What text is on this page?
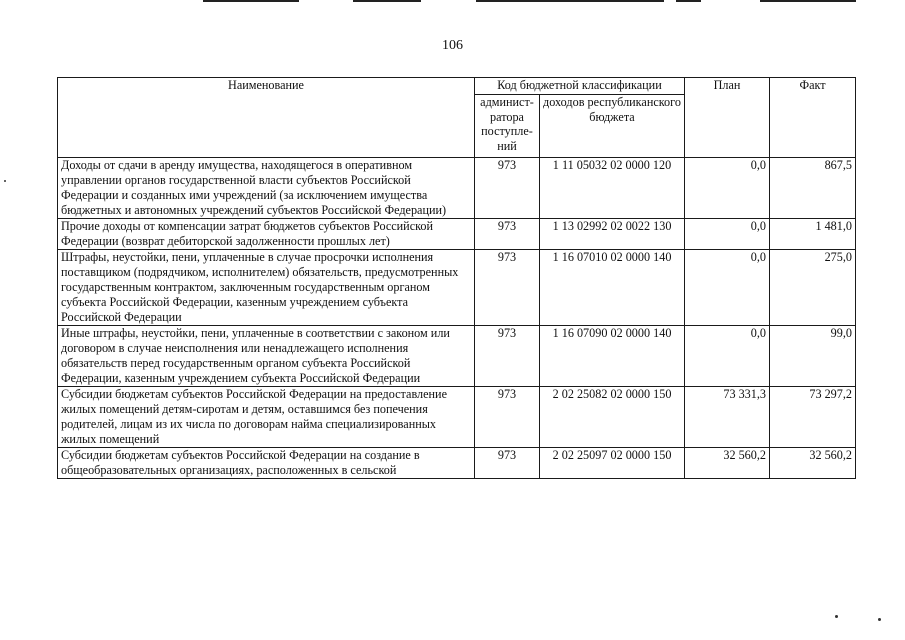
106
Наименование	Код бюджетной классификации		План	Факт
	админист-ратора поступле-ний	доходов республиканского бюджета		
Доходы от сдачи в аренду имущества, находящегося в оперативном управлении органов государственной власти субъектов Российской Федерации и созданных ими учреждений (за исключением имущества бюджетных и автономных учреждений субъектов Российской Федерации)	973	1 11 05032 02 0000 120	0,0	867,5
Прочие доходы от компенсации затрат бюджетов субъектов Российской Федерации (возврат дебиторской задолженности прошлых лет)	973	1 13 02992 02 0022 130	0,0	1 481,0
Штрафы, неустойки, пени, уплаченные в случае просрочки исполнения поставщиком (подрядчиком, исполнителем) обязательств, предусмотренных государственным контрактом, заключенным государственным органом субъекта Российской Федерации, казенным учреждением субъекта Российской Федерации	973	1 16 07010 02 0000 140	0,0	275,0
Иные штрафы, неустойки, пени, уплаченные в соответствии с законом или договором в случае неисполнения или ненадлежащего исполнения обязательств перед государственным органом субъекта Российской Федерации, казенным учреждением субъекта Российской Федерации	973	1 16 07090 02 0000 140	0,0	99,0
Субсидии бюджетам субъектов Российской Федерации на предоставление жилых помещений детям-сиротам и детям, оставшимся без попечения родителей, лицам из их числа по договорам найма специализированных жилых помещений	973	2 02 25082 02 0000 150	73 331,3	73 297,2
Субсидии бюджетам субъектов Российской Федерации на создание в общеобразовательных организациях, расположенных в сельской	973	2 02 25097 02 0000 150	32 560,2	32 560,2
